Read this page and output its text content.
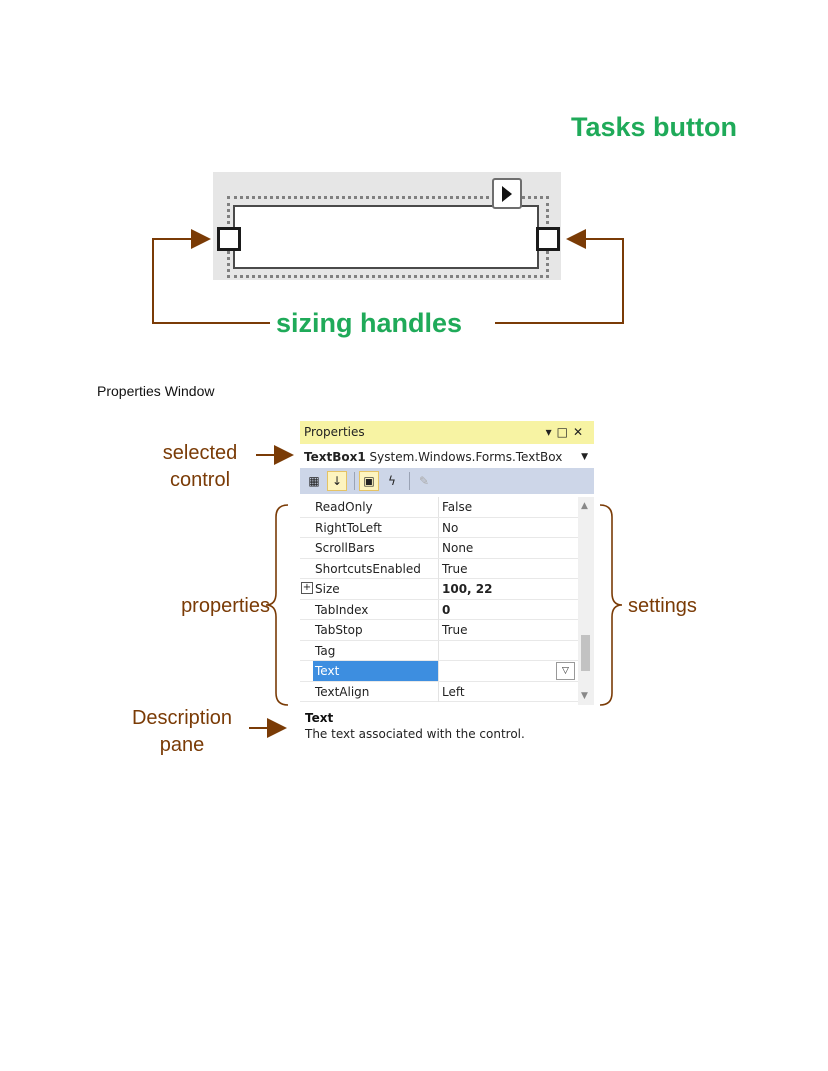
Tasks button
sizing handles
Properties Window
selected
control
properties	settings
Description
pane
Properties	▾□✕
TextBox1 System.Windows.Forms.TextBox ▼
▦	↓	▣	ϟ	✎
ReadOnly	False
RightToLeft	No
ScrollBars	None
ShortcutsEnabled	True
+ Size	100, 22
TabIndex	0
TabStop	True
Tag
Text	▽
TextAlign	Left
▲
▼
Text
The text associated with the control.
